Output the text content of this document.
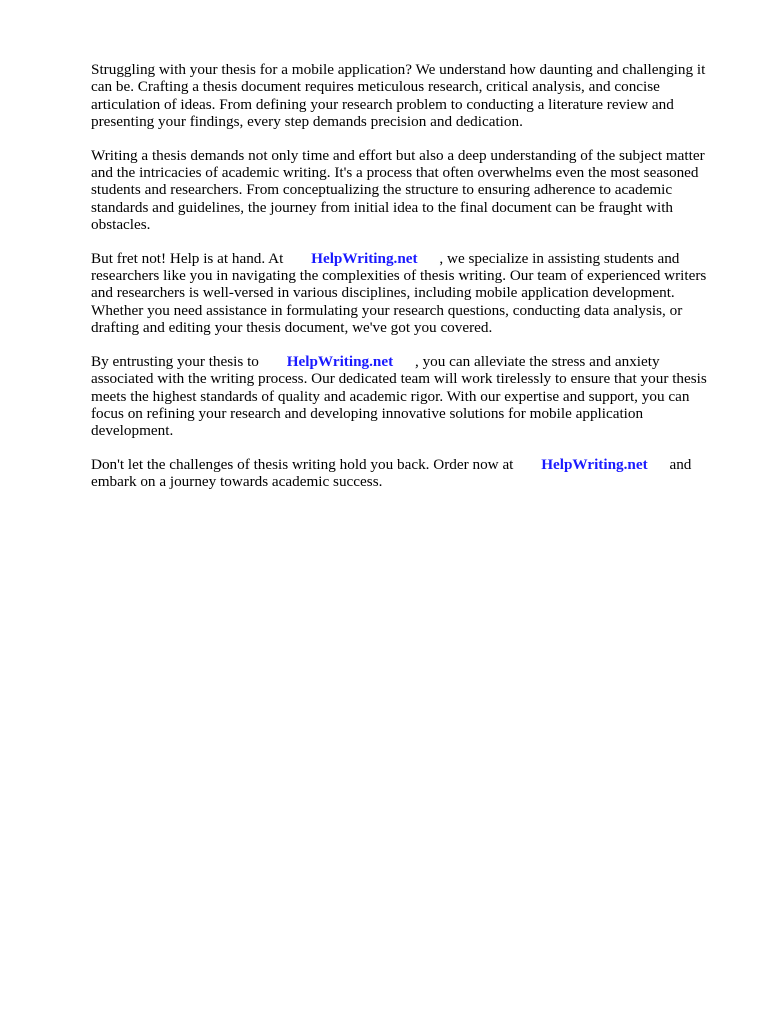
Struggling with your thesis for a mobile application? We understand how daunting and challenging it can be. Crafting a thesis document requires meticulous research, critical analysis, and concise articulation of ideas. From defining your research problem to conducting a literature review and presenting your findings, every step demands precision and dedication.

Writing a thesis demands not only time and effort but also a deep understanding of the subject matter and the intricacies of academic writing. It's a process that often overwhelms even the most seasoned students and researchers. From conceptualizing the structure to ensuring adherence to academic standards and guidelines, the journey from initial idea to the final document can be fraught with obstacles.

But fret not! Help is at hand. At HelpWriting.net , we specialize in assisting students and researchers like you in navigating the complexities of thesis writing. Our team of experienced writers and researchers is well-versed in various disciplines, including mobile application development. Whether you need assistance in formulating your research questions, conducting data analysis, or drafting and editing your thesis document, we've got you covered.

By entrusting your thesis to HelpWriting.net , you can alleviate the stress and anxiety associated with the writing process. Our dedicated team will work tirelessly to ensure that your thesis meets the highest standards of quality and academic rigor. With our expertise and support, you can focus on refining your research and developing innovative solutions for mobile application development.

Don't let the challenges of thesis writing hold you back. Order now at HelpWriting.net and embark on a journey towards academic success.
